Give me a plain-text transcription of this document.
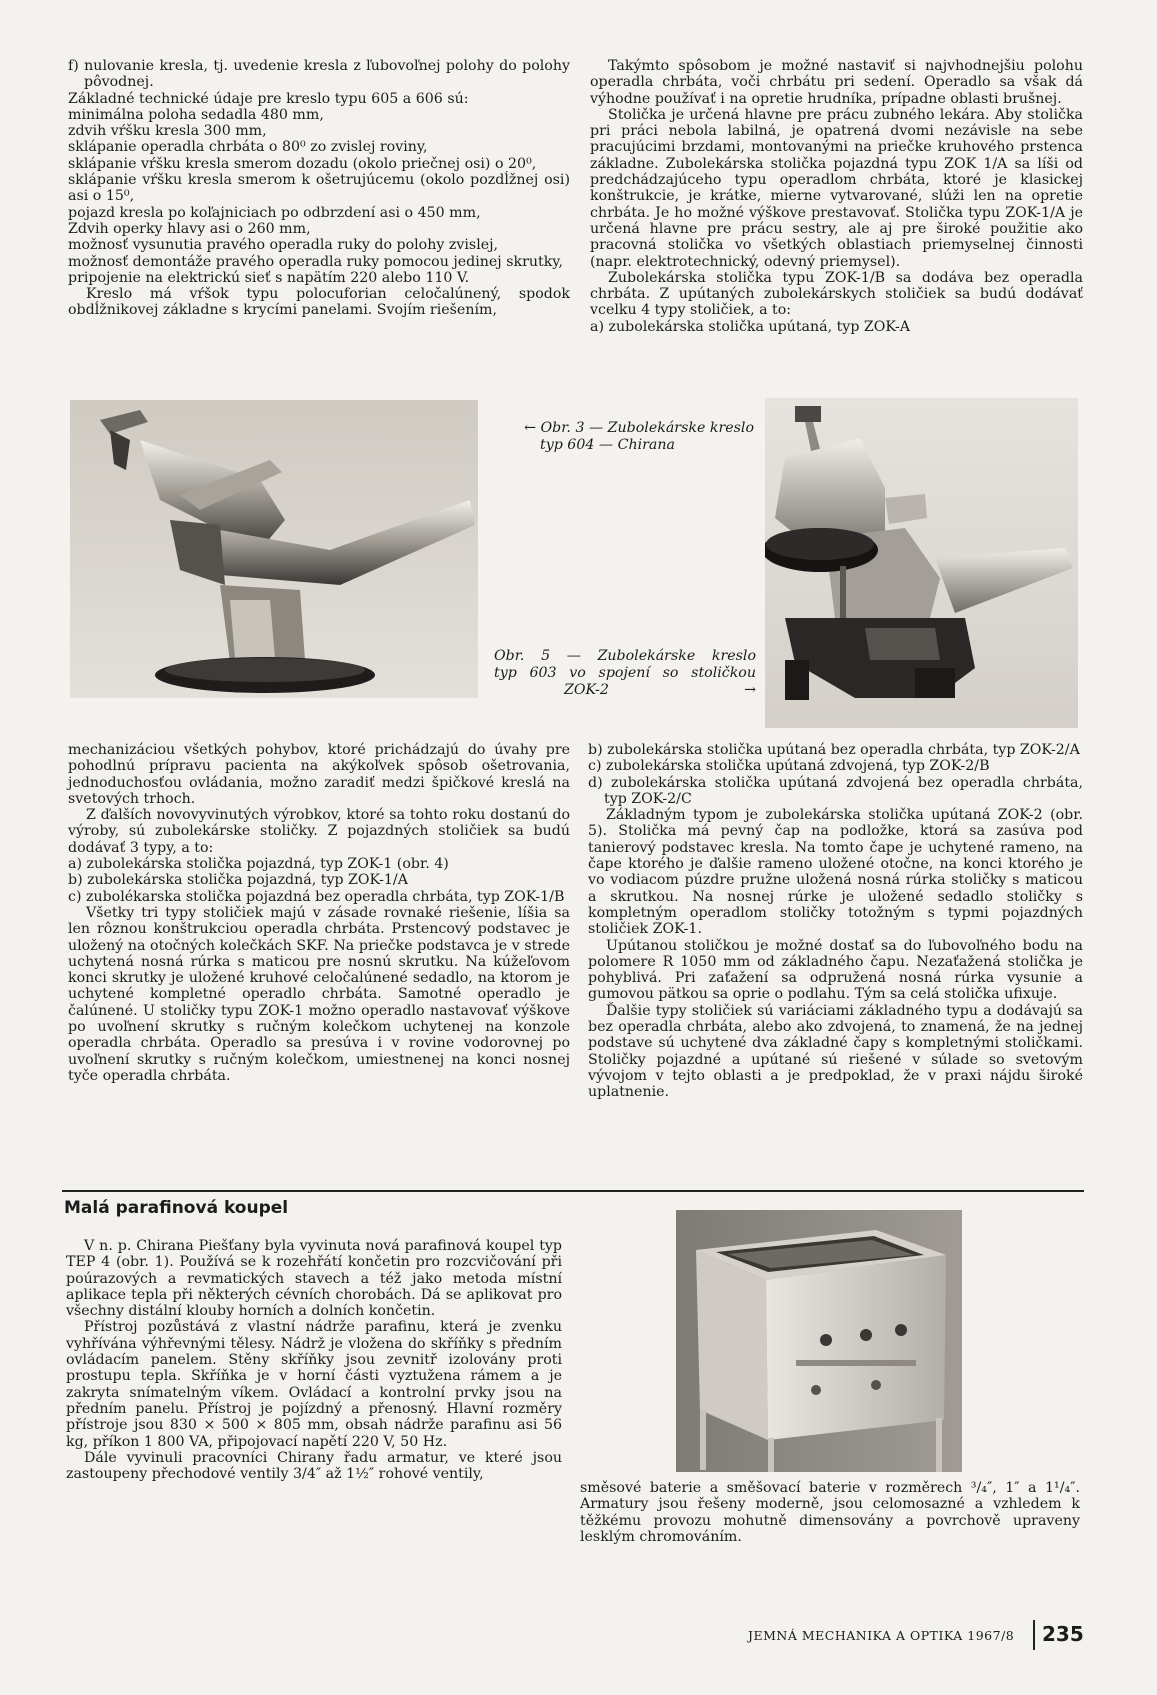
f) nulovanie kresla, tj. uvedenie kresla z ľubovoľnej polohy do polohy pôvodnej.

Základné technické údaje pre kreslo typu 605 a 606 sú:

minimálna poloha sedadla 480 mm,

zdvih vŕšku kresla 300 mm,

sklápanie operadla chrbáta o 80⁰ zo zvislej roviny,

sklápanie vŕšku kresla smerom dozadu (okolo priečnej osi) o 20⁰,

sklápanie vŕšku kresla smerom k ošetrujúcemu (okolo pozdĺžnej osi) asi o 15⁰,

pojazd kresla po koľajniciach po odbrzdení asi o 450 mm,

Zdvih operky hlavy asi o 260 mm,

možnosť vysunutia pravého operadla ruky do polohy zvislej,

možnosť demontáže pravého operadla ruky pomocou jedinej skrutky,

pripojenie na elektrickú sieť s napätím 220 alebo 110 V.

Kreslo má vŕšok typu polocuforian celočalúnený, spodok obdĺžnikovej základne s krycími panelami. Svojím riešením,

Takýmto spôsobom je možné nastaviť si najvhodnejšiu polohu operadla chrbáta, voči chrbátu pri sedení. Operadlo sa však dá výhodne používať i na opretie hrudníka, prípadne oblasti brušnej.

Stolička je určená hlavne pre prácu zubného lekára. Aby stolička pri práci nebola labilná, je opatrená dvomi nezávisle na sebe pracujúcimi brzdami, montovanými na priečke kruhového prstenca základne. Zubolekárska stolička pojazdná typu ZOK 1/A sa líši od predchádzajúceho typu operadlom chrbáta, ktoré je klasickej konštrukcie, je krátke, mierne vytvarované, slúži len na opretie chrbáta. Je ho možné výškove prestavovať. Stolička typu ZOK-1/A je určená hlavne pre prácu sestry, ale aj pre široké použitie ako pracovná stolička vo všetkých oblastiach priemyselnej činnosti (napr. elektrotechnický, odevný priemysel).

Zubolekárska stolička typu ZOK-1/B sa dodáva bez operadla chrbáta. Z upútaných zubolekárskych stoličiek sa budú dodávať vcelku 4 typy stoličiek, a to:

a) zubolekárska stolička upútaná, typ ZOK-A

← Obr. 3 — Zubolekárske kreslo

typ 604 — Chirana

Obr. 5 — Zubolekárske kreslo

typ 603 vo spojení so stoličkou

ZOK-2 →

mechanizáciou všetkých pohybov, ktoré prichádzajú do úvahy pre pohodlnú prípravu pacienta na akýkoľvek spôsob ošetrovania, jednoduchosťou ovládania, možno zaradiť medzi špičkové kreslá na svetových trhoch.

Z ďalších novovyvinutých výrobkov, ktoré sa tohto roku dostanú do výroby, sú zubolekárske stoličky. Z pojazdných stoličiek sa budú dodávať 3 typy, a to:

a) zubolekárska stolička pojazdná, typ ZOK-1 (obr. 4)

b) zubolekárska stolička pojazdná, typ ZOK-1/A

c) zubolékarska stolička pojazdná bez operadla chrbáta, typ ZOK-1/B

Všetky tri typy stoličiek majú v zásade rovnaké riešenie, líšia sa len rôznou konštrukciou operadla chrbáta. Prstencový podstavec je uložený na otočných kolečkách SKF. Na priečke podstavca je v strede uchytená nosná rúrka s maticou pre nosnú skrutku. Na kúžeľovom konci skrutky je uložené kruhové celočalúnené sedadlo, na ktorom je uchytené kompletné operadlo chrbáta. Samotné operadlo je čalúnené. U stoličky typu ZOK-1 možno operadlo nastavovať výškove po uvoľnení skrutky s ručným kolečkom uchytenej na konzole operadla chrbáta. Operadlo sa presúva i v rovine vodorovnej po uvoľnení skrutky s ručným kolečkom, umiestnenej na konci nosnej tyče operadla chrbáta.

b) zubolekárska stolička upútaná bez operadla chrbáta, typ ZOK-2/A

c) zubolekárska stolička upútaná zdvojená, typ ZOK-2/B

d) zubolekárska stolička upútaná zdvojená bez operadla chrbáta, typ ZOK-2/C

Základným typom je zubolekárska stolička upútaná ZOK-2 (obr. 5). Stolička má pevný čap na podložke, ktorá sa zasúva pod tanierový podstavec kresla. Na tomto čape je uchytené rameno, na čape ktorého je ďalšie rameno uložené otočne, na konci ktorého je vo vodiacom púzdre pružne uložená nosná rúrka stoličky s maticou a skrutkou. Na nosnej rúrke je uložené sedadlo stoličky s kompletným operadlom stoličky totožným s typmi pojazdných stoličiek ZOK-1.

Upútanou stoličkou je možné dostať sa do ľubovoľného bodu na polomere R 1050 mm od základného čapu. Nezaťažená stolička je pohyblivá. Pri zaťažení sa odpružená nosná rúrka vysunie a gumovou pätkou sa oprie o podlahu. Tým sa celá stolička ufixuje.

Ďalšie typy stoličiek sú variáciami základného typu a dodávajú sa bez operadla chrbáta, alebo ako zdvojená, to znamená, že na jednej podstave sú uchytené dva základné čapy s kompletnými stoličkami. Stoličky pojazdné a upútané sú riešené v súlade so svetovým vývojom v tejto oblasti a je predpoklad, že v praxi nájdu široké uplatnenie.

Malá parafinová koupel

V n. p. Chirana Piešťany byla vyvinuta nová parafinová koupel typ TEP 4 (obr. 1). Používá se k rozehřátí končetin pro rozcvičování při poúrazových a revmatických stavech a též jako metoda místní aplikace tepla při některých cévních chorobách. Dá se aplikovat pro všechny distální klouby horních a dolních končetin.

Přístroj pozůstává z vlastní nádrže parafinu, která je zvenku vyhřívána výhřevnými tělesy. Nádrž je vložena do skříňky s předním ovládacím panelem. Stěny skříňky jsou zevnitř izolovány proti prostupu tepla. Skříňka je v horní části vyztužena rámem a je zakryta snímatelným víkem. Ovládací a kontrolní prvky jsou na předním panelu. Přístroj je pojízdný a přenosný. Hlavní rozměry přístroje jsou 830 × 500 × 805 mm, obsah nádrže parafinu asi 56 kg, příkon 1 800 VA, připojovací napětí 220 V, 50 Hz.

Dále vyvinuli pracovníci Chirany řadu armatur, ve které jsou zastoupeny přechodové ventily 3/4″ až 1½″ rohové ventily,

směsové baterie a směšovací baterie v rozměrech ³/₄″, 1″ a 1¹/₄″. Armatury jsou řešeny moderně, jsou celomosazné a vzhledem k těžkému provozu mohutně dimensovány a povrchově upraveny lesklým chromováním.

JEMNÁ MECHANIKA A OPTIKA 1967/8 235
